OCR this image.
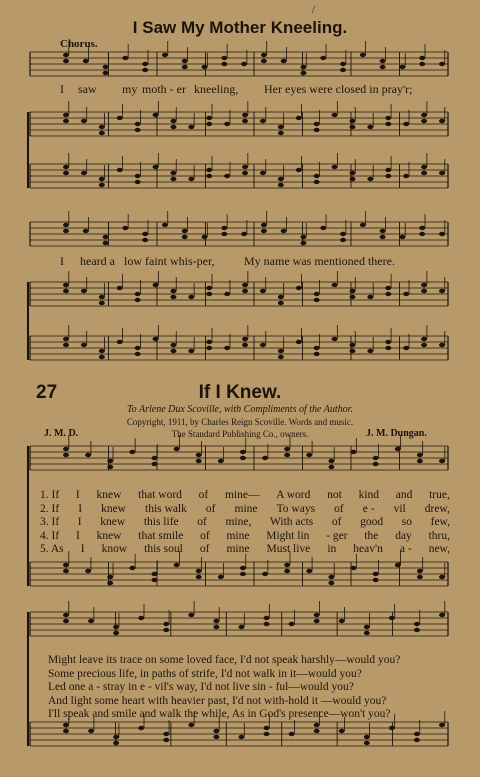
/
I Saw My Mother Kneeling.
Chorus.
I saw my moth - er kneeling, Her eyes were closed in pray'r;
I heard a low faint whis-per, My name was mentioned there.
27	If I Knew.
To Arlene Dux Scoville, with Compliments of the Author.
Copyright, 1911, by Charles Reign Scoville. Words and music.
The Standard Publishing Co., owners.
J. M. D.	J. M. Dungan.
1. If I knew that word of mine— A word not kind and true,
2. If I knew this walk of mine To ways of e - vil drew,
3. If I knew this life of mine, With acts of good so few,
4. If I knew that smile of mine Might lin - ger the day thru,
5. As I know this soul of mine Must live in heav'n a - new,
Might leave its trace on some loved face, I'd not speak harshly—would you?
Some precious life, in paths of strife, I'd not walk in it—would you?
Led one a - stray in e - vil's way, I'd not live sin - ful—would you?
And light some heart with heavier past, I'd not with-hold it —would you?
I'll speak and smile and walk the while, As in God's presence—won't you?
